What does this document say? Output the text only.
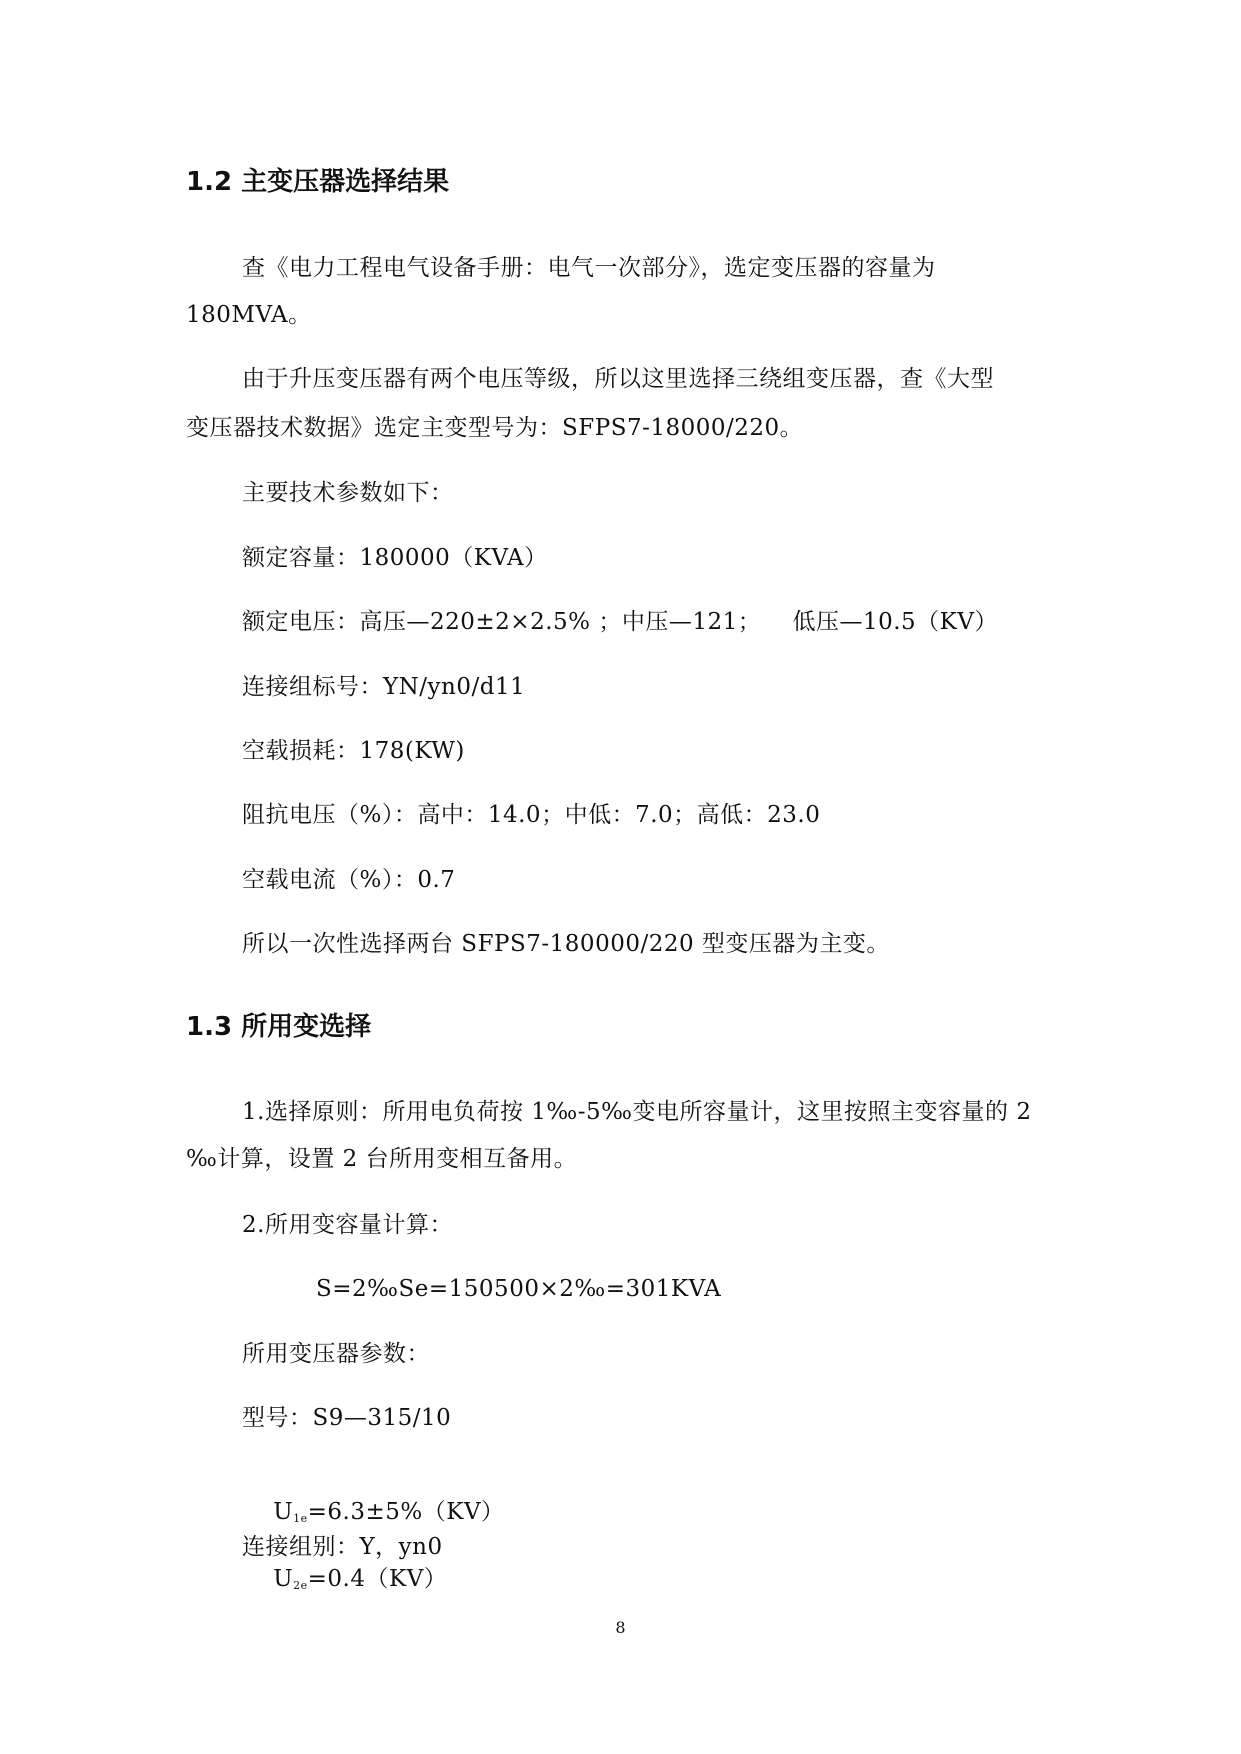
1.2 主变压器选择结果
查《电力工程电气设备手册：电气一次部分》，选定变压器的容量为
180MVA。
由于升压变压器有两个电压等级，所以这里选择三绕组变压器，查《大型
变压器技术数据》选定主变型号为：SFPS7-18000/220。
主要技术参数如下：
额定容量：180000（KVA）
额定电压：高压—220±2×2.5% ；中压—121；    低压—10.5（KV）
连接组标号：YN/yn0/d11
空载损耗：178(KW)
阻抗电压（%）：高中：14.0；中低：7.0；高低：23.0
空载电流（%）：0.7
所以一次性选择两台 SFPS7-180000/220 型变压器为主变。
1.3 所用变选择
1.选择原则：所用电负荷按 1‰-5‰变电所容量计，这里按照主变容量的 2
‰计算，设置 2 台所用变相互备用。
2.所用变容量计算：
S=2‰Se=150500×2‰=301KVA
所用变压器参数：
型号：S9—315/10

$U_{1e}=6.3\pm 5\%(KV)$

$U_{2e}=0.4(KV)$

连接组别：Y，yn0
8
